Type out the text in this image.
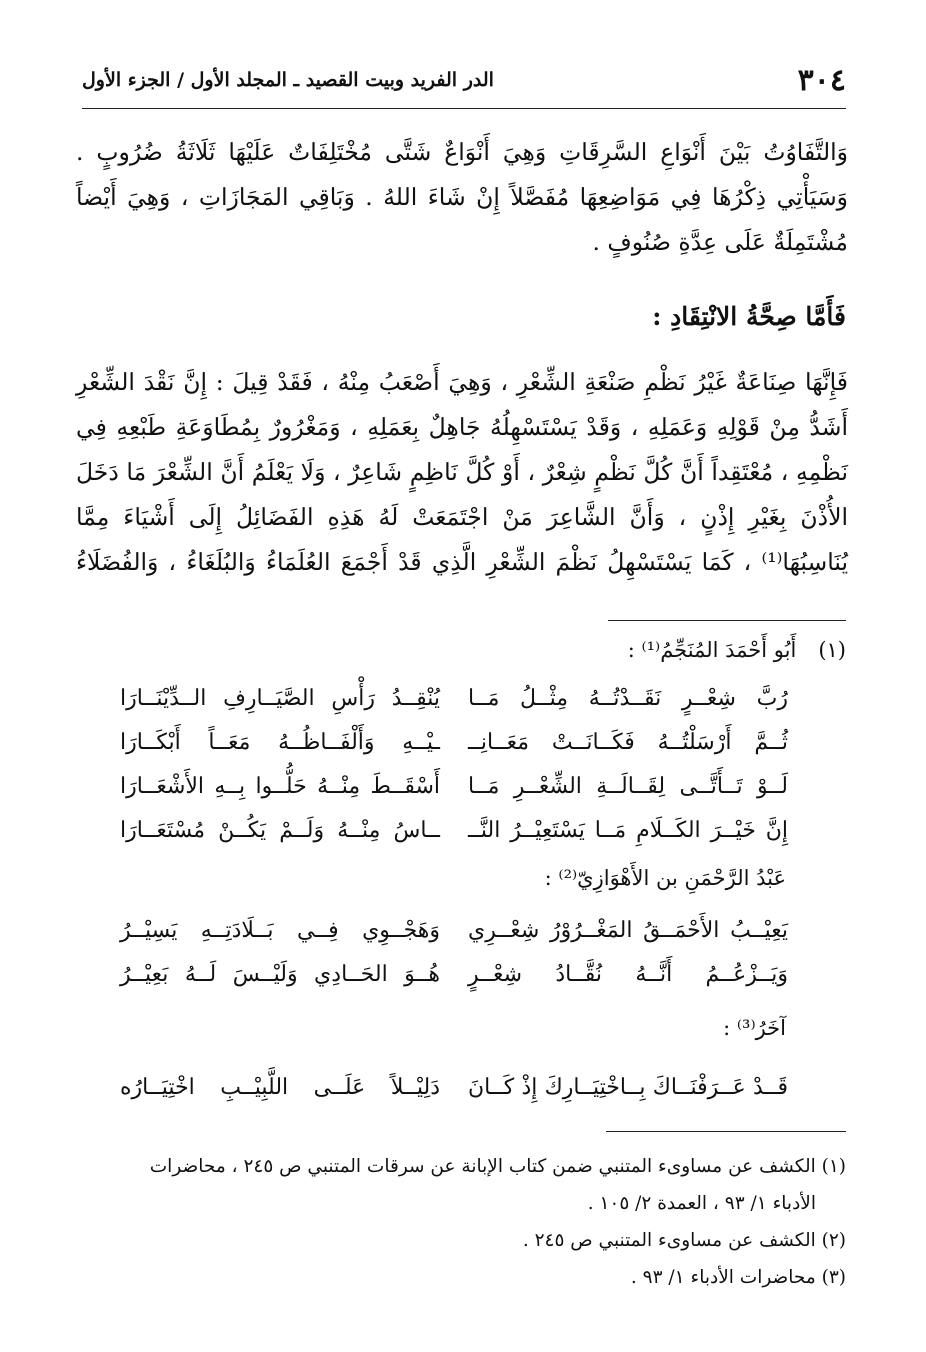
٣٠٤
الدر الفريد وبيت القصيد ـ المجلد الأول / الجزء الأول
وَالتَّفَاوُتُ بَيْنَ أَنْوَاعِ السَّرِقَاتِ وَهِيَ أَنْوَاعٌ شَتَّى مُخْتَلِفَاتٌ عَلَيْهَا ثَلَاثَةُ ضُرُوبٍ .
وَسَيَأْتِي ذِكْرُهَا فِي مَوَاضِعِهَا مُفَصَّلاً إِنْ شَاءَ اللهُ . وَبَاقِي المَجَازَاتِ ، وَهِيَ أَيْضاً
مُشْتَمِلَةٌ عَلَى عِدَّةِ صُنُوفٍ .
فَأَمَّا صِحَّةُ الانْتِقَادِ :
فَإِنَّهَا صِنَاعَةٌ غَيْرُ نَظْمِ صَنْعَةِ الشِّعْرِ ، وَهِيَ أَصْعَبُ مِنْهُ ، فَقَدْ قِيلَ : إِنَّ نَقْدَ الشِّعْرِ
أَشَدُّ مِنْ قَوْلِهِ وَعَمَلِهِ ، وَقَدْ يَسْتَسْهِلُهُ جَاهِلٌ بِعَمَلِهِ ، وَمَغْرُورٌ بِمُطَاوَعَةِ طَبْعِهِ فِي
نَظْمِهِ ، مُعْتَقِداً أَنَّ كُلَّ نَظْمٍ شِعْرٌ ، أَوْ كُلَّ نَاظِمٍ شَاعِرٌ ، وَلَا يَعْلَمُ أَنَّ الشِّعْرَ مَا دَخَلَ
الأُذْنَ بِغَيْرِ إِذْنٍ ، وَأَنَّ الشَّاعِرَ مَنْ اجْتَمَعَتْ لَهُ هَذِهِ الفَضَائِلُ إِلَى أَشْيَاءَ مِمَّا
يُنَاسِبُهَا⁽¹⁾ ، كَمَا يَسْتَسْهِلُ نَظْمَ الشِّعْرِ الَّذِي قَدْ أَجْمَعَ العُلَمَاءُ وَالبُلَغَاءُ ، وَالفُضَلَاءُ
(١)
أَبُو أَحْمَدَ المُنَجِّمُ⁽¹⁾ :
رُبَّ شِعْــرٍ نَقَــدْتُــهُ مِثْــلُ مَــا
يُنْقِــدُ رَأْسِ الصَّيَــارِفِ الــدِّيْنَــارَا
ثُــمَّ أَرْسَلْتُــهُ فَكَــانَــتْ مَعَــانِــ
ـيْــهِ وَأَلْفَــاظُــهُ مَعَــاً أَبْكَــارَا
لَــوْ تَــأَتَّــى لِقَــالَــةِ الشِّعْــرِ مَــا
أَسْقَــطَ مِنْــهُ حَلُّــوا بِــهِ الأَشْعَــارَا
إِنَّ خَيْــرَ الكَــلَامِ مَــا يَسْتَعِيْــرُ النَّــ
ــاسُ مِنْــهُ وَلَــمْ يَكُــنْ مُسْتَعَــارَا
عَبْدُ الرَّحْمَنِ بن الأَهْوَازِيّ⁽²⁾ :
يَعِيْــبُ الأَحْمَــقُ المَغْــرُوْرُ شِعْــرِي
وَهَجْــوِي فِــي بَــلَادَتِــهِ يَسِيْــرُ
وَيَــزْعُــمُ أَنَّــهُ نُقَّــادُ شِعْــرٍ
هُــوَ الحَــادِي وَلَيْــسَ لَــهُ بَعِيْــرُ
آخَرُ⁽³⁾ :
قَــدْ عَــرَفْنَــاكَ بِــاخْتِيَــارِكَ إِذْ كَــانَ
دَلِيْــلاً عَلَــى اللَّبِيْــبِ اخْتِيَــارُه
(١) الكشف عن مساوىء المتنبي ضمن كتاب الإبانة عن سرقات المتنبي ص ٢٤٥ ، محاضرات
الأدباء ١/ ٩٣ ، العمدة ٢/ ١٠٥ .
(٢) الكشف عن مساوىء المتنبي ص ٢٤٥ .
(٣) محاضرات الأدباء ١/ ٩٣ .
